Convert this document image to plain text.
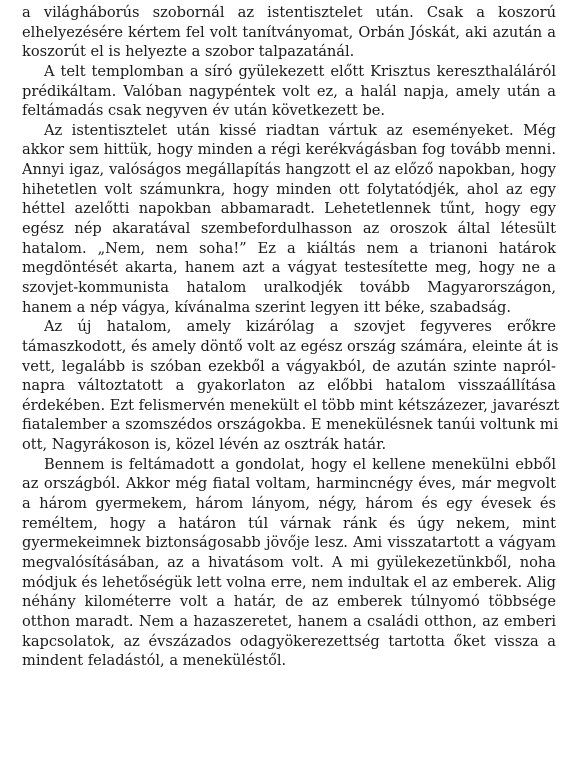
a világháborús szobornál az istentisztelet után. Csak a koszorú
elhelyezésére kértem fel volt tanítványomat, Orbán Jóskát, aki azután a
koszorút el is helyezte a szobor talpazatánál.
A telt templomban a síró gyülekezett előtt Krisztus kereszthaláláról
prédikáltam. Valóban nagypéntek volt ez, a halál napja, amely után a
feltámadás csak negyven év után következett be.
Az istentisztelet után kissé riadtan vártuk az eseményeket. Még
akkor sem hittük, hogy minden a régi kerékvágásban fog tovább menni.
Annyi igaz, valóságos megállapítás hangzott el az előző napokban, hogy
hihetetlen volt számunkra, hogy minden ott folytatódjék, ahol az egy
héttel azelőtti napokban abbamaradt. Lehetetlennek tűnt, hogy egy
egész nép akaratával szembefordulhasson az oroszok által létesült
hatalom. „Nem, nem soha!” Ez a kiáltás nem a trianoni határok
megdöntését akarta, hanem azt a vágyat testesítette meg, hogy ne a
szovjet-kommunista hatalom uralkodjék tovább Magyarországon,
hanem a nép vágya, kívánalma szerint legyen itt béke, szabadság.
Az új hatalom, amely kizárólag a szovjet fegyveres erőkre
támaszkodott, és amely döntő volt az egész ország számára, eleinte át is
vett, legalább is szóban ezekből a vágyakból, de azután szinte napról-
napra változtatott a gyakorlaton az előbbi hatalom visszaállítása
érdekében. Ezt felismervén menekült el több mint kétszázezer, javarészt
fiatalember a szomszédos országokba. E menekülésnek tanúi voltunk mi
ott, Nagyrákoson is, közel lévén az osztrák határ.
Bennem is feltámadott a gondolat, hogy el kellene menekülni ebből
az országból. Akkor még fiatal voltam, harmincnégy éves, már megvolt
a három gyermekem, három lányom, négy, három és egy évesek és
reméltem, hogy a határon túl várnak ránk és úgy nekem, mint
gyermekeimnek biztonságosabb jövője lesz. Ami visszatartott a vágyam
megvalósításában, az a hivatásom volt. A mi gyülekezetünkből, noha
módjuk és lehetőségük lett volna erre, nem indultak el az emberek. Alig
néhány kilométerre volt a határ, de az emberek túlnyomó többsége
otthon maradt. Nem a hazaszeretet, hanem a családi otthon, az emberi
kapcsolatok, az évszázados odagyökerezettség tartotta őket vissza a
mindent feladástól, a meneküléstől.
